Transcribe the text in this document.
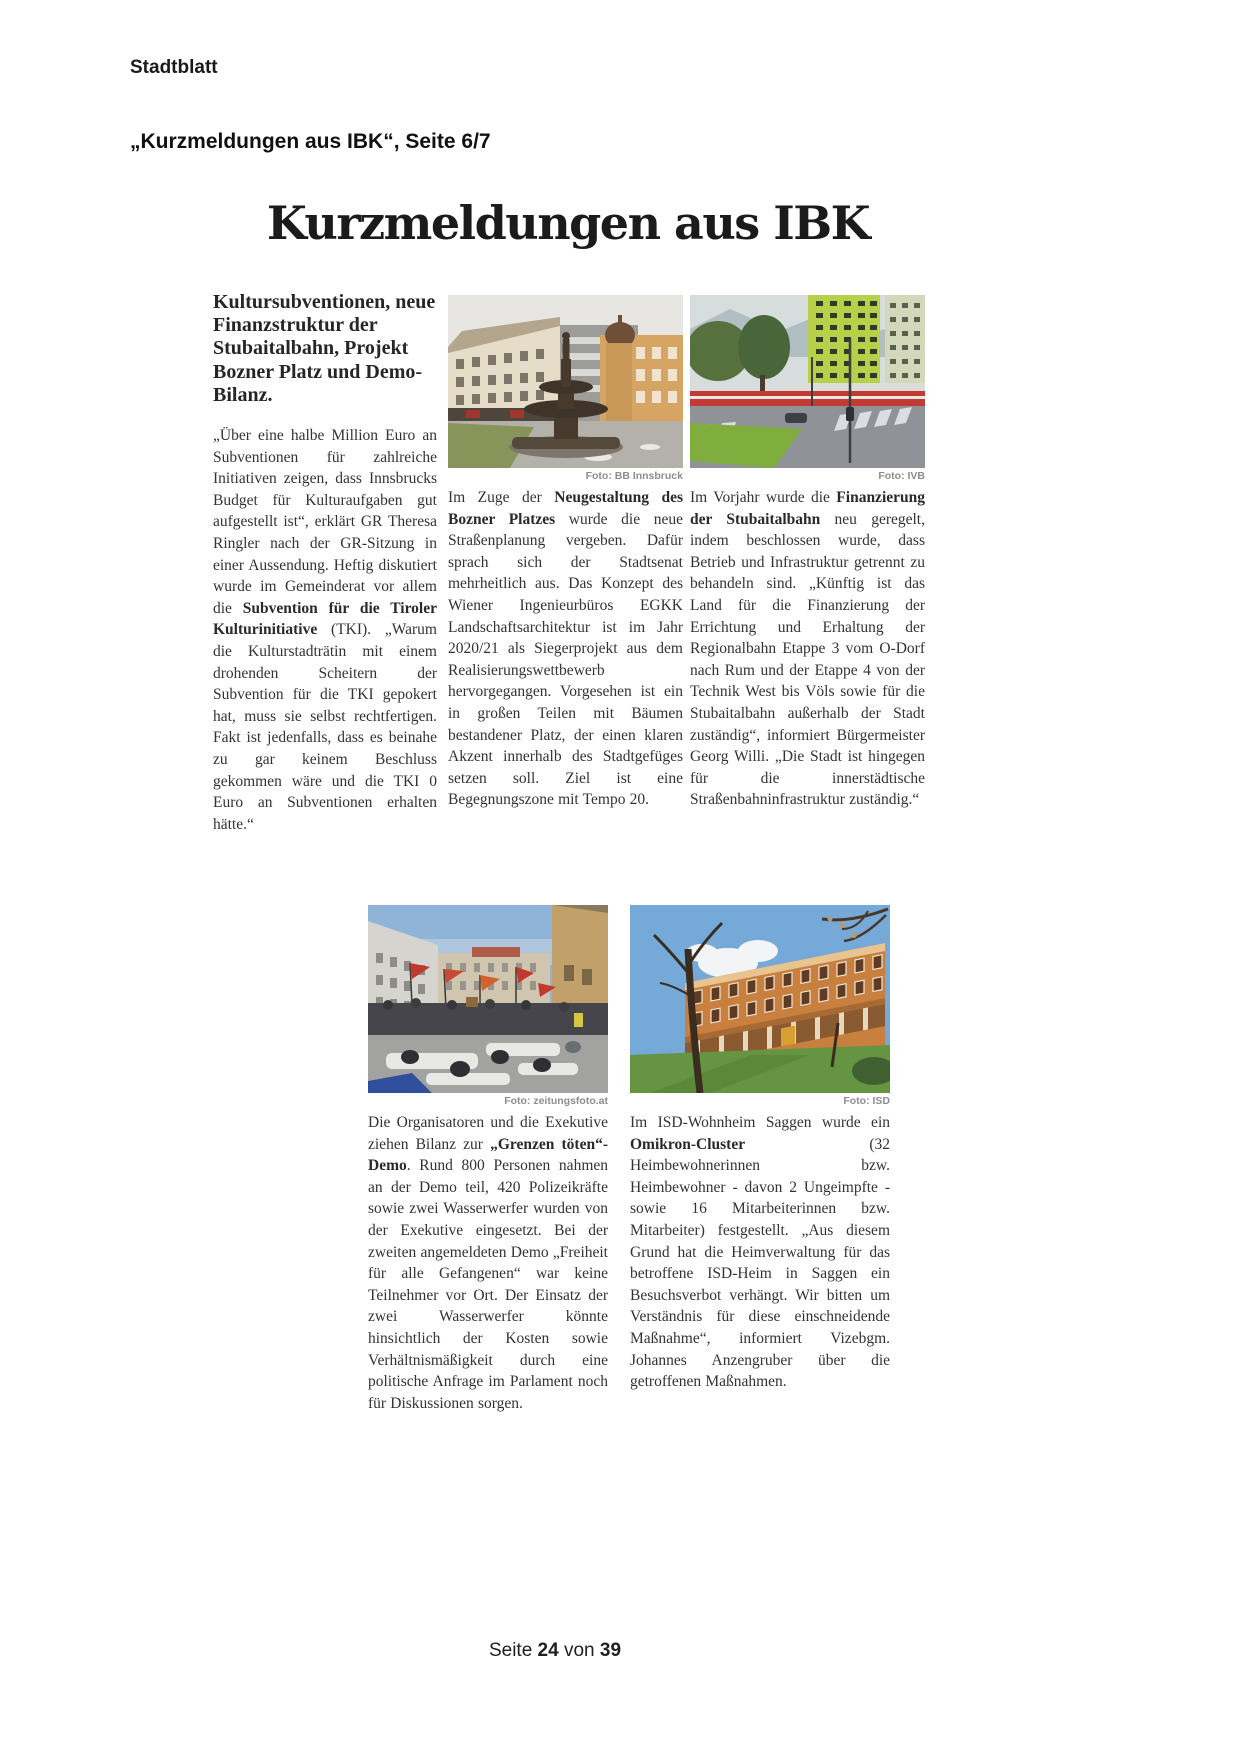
Stadtblatt
„Kurzmeldungen aus IBK“, Seite 6/7
Kurzmeldungen aus IBK
Kultursubventionen, neue Finanzstruktur der Stubaitalbahn, Projekt Bozner Platz und Demo-Bilanz.
„Über eine halbe Million Euro an Subventionen für zahlreiche Initiativen zeigen, dass Innsbrucks Budget für Kulturaufgaben gut aufgestellt ist“, erklärt GR Theresa Ringler nach der GR-Sitzung in einer Aussendung. Heftig diskutiert wurde im Gemeinderat vor allem die Subvention für die Tiroler Kulturinitiative (TKI). „Warum die Kulturstadträtin mit einem drohenden Scheitern der Subvention für die TKI gepokert hat, muss sie selbst rechtfertigen. Fakt ist jedenfalls, dass es beinahe zu gar keinem Beschluss gekommen wäre und die TKI 0 Euro an Subventionen erhalten hätte.“
Foto: BB Innsbruck
Im Zuge der Neugestaltung des Bozner Platzes wurde die neue Straßenplanung vergeben. Dafür sprach sich der Stadtsenat mehrheitlich aus. Das Konzept des Wiener Ingenieurbüros EGKK Landschaftsarchitektur ist im Jahr 2020/21 als Siegerprojekt aus dem Realisierungswettbewerb hervorgegangen. Vorgesehen ist ein in großen Teilen mit Bäumen bestandener Platz, der einen klaren Akzent innerhalb des Stadtgefüges setzen soll. Ziel ist eine Begegnungszone mit Tempo 20.
Foto: IVB
Im Vorjahr wurde die Finanzierung der Stubaitalbahn neu geregelt, indem beschlossen wurde, dass Betrieb und Infrastruktur getrennt zu behandeln sind. „Künftig ist das Land für die Finanzierung der Errichtung und Erhaltung der Regionalbahn Etappe 3 vom O-Dorf nach Rum und der Etappe 4 von der Technik West bis Völs sowie für die Stubaitalbahn außerhalb der Stadt zuständig“, informiert Bürgermeister Georg Willi. „Die Stadt ist hingegen für die innerstädtische Straßenbahninfrastruktur zuständig.“
Foto: zeitungsfoto.at
Die Organisatoren und die Exekutive ziehen Bilanz zur „Grenzen töten“-Demo. Rund 800 Personen nahmen an der Demo teil, 420 Polizeikräfte sowie zwei Wasserwerfer wurden von der Exekutive eingesetzt. Bei der zweiten angemeldeten Demo „Freiheit für alle Gefangenen“ war keine Teilnehmer vor Ort. Der Einsatz der zwei Wasserwerfer könnte hinsichtlich der Kosten sowie Verhältnismäßigkeit durch eine politische Anfrage im Parlament noch für Diskussionen sorgen.
Foto: ISD
Im ISD-Wohnheim Saggen wurde ein Omikron-Cluster (32 Heimbewohnerinnen bzw. Heimbewohner - davon 2 Ungeimpfte - sowie 16 Mitarbeiterinnen bzw. Mitarbeiter) festgestellt. „Aus diesem Grund hat die Heimverwaltung für das betroffene ISD-Heim in Saggen ein Besuchsverbot verhängt. Wir bitten um Verständnis für diese einschneidende Maßnahme“, informiert Vizebgm. Johannes Anzengruber über die getroffenen Maßnahmen.
Seite 24 von 39
